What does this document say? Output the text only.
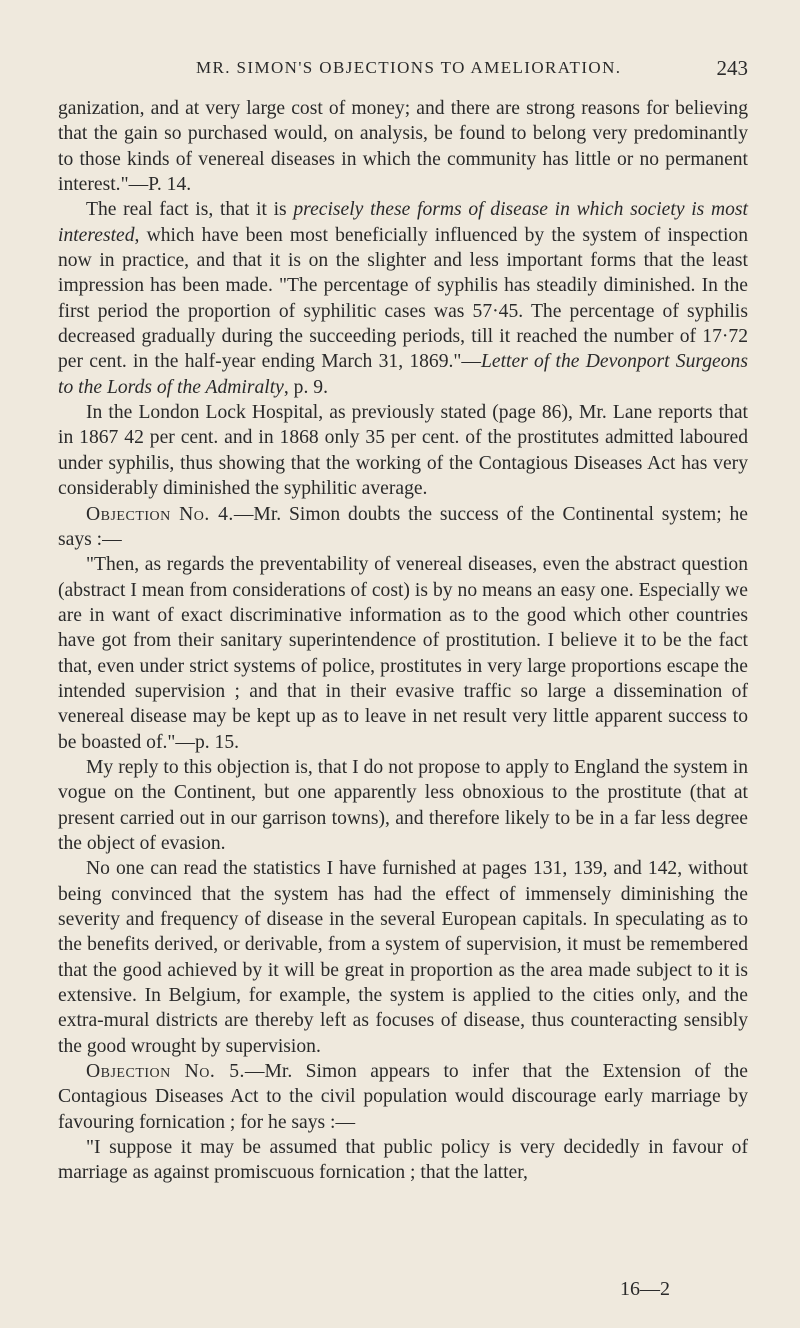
MR. SIMON'S OBJECTIONS TO AMELIORATION.	243

ganization, and at very large cost of money; and there are strong reasons for believing that the gain so purchased would, on analysis, be found to belong very predominantly to those kinds of venereal diseases in which the community has little or no permanent interest."—P. 14.

The real fact is, that it is precisely these forms of disease in which society is most interested, which have been most beneficially influenced by the system of inspection now in practice, and that it is on the slighter and less important forms that the least impression has been made. "The percentage of syphilis has steadily diminished. In the first period the proportion of syphilitic cases was 57·45. The percentage of syphilis decreased gradually during the succeeding periods, till it reached the number of 17·72 per cent. in the half-year ending March 31, 1869."—Letter of the Devonport Surgeons to the Lords of the Admiralty, p. 9.

In the London Lock Hospital, as previously stated (page 86), Mr. Lane reports that in 1867 42 per cent. and in 1868 only 35 per cent. of the prostitutes admitted laboured under syphilis, thus showing that the working of the Contagious Diseases Act has very considerably diminished the syphilitic average.

Objection No. 4.—Mr. Simon doubts the success of the Continental system; he says :—

"Then, as regards the preventability of venereal diseases, even the abstract question (abstract I mean from considerations of cost) is by no means an easy one. Especially we are in want of exact discriminative information as to the good which other countries have got from their sanitary superintendence of prostitution. I believe it to be the fact that, even under strict systems of police, prostitutes in very large proportions escape the intended supervision ; and that in their evasive traffic so large a dissemination of venereal disease may be kept up as to leave in net result very little apparent success to be boasted of."—p. 15.

My reply to this objection is, that I do not propose to apply to England the system in vogue on the Continent, but one apparently less obnoxious to the prostitute (that at present carried out in our garrison towns), and therefore likely to be in a far less degree the object of evasion.

No one can read the statistics I have furnished at pages 131, 139, and 142, without being convinced that the system has had the effect of immensely diminishing the severity and frequency of disease in the several European capitals. In speculating as to the benefits derived, or derivable, from a system of supervision, it must be remembered that the good achieved by it will be great in proportion as the area made subject to it is extensive. In Belgium, for example, the system is applied to the cities only, and the extra-mural districts are thereby left as focuses of disease, thus counteracting sensibly the good wrought by supervision.

Objection No. 5.—Mr. Simon appears to infer that the Extension of the Contagious Diseases Act to the civil population would discourage early marriage by favouring fornication ; for he says :—

"I suppose it may be assumed that public policy is very decidedly in favour of marriage as against promiscuous fornication ; that the latter,

16—2
